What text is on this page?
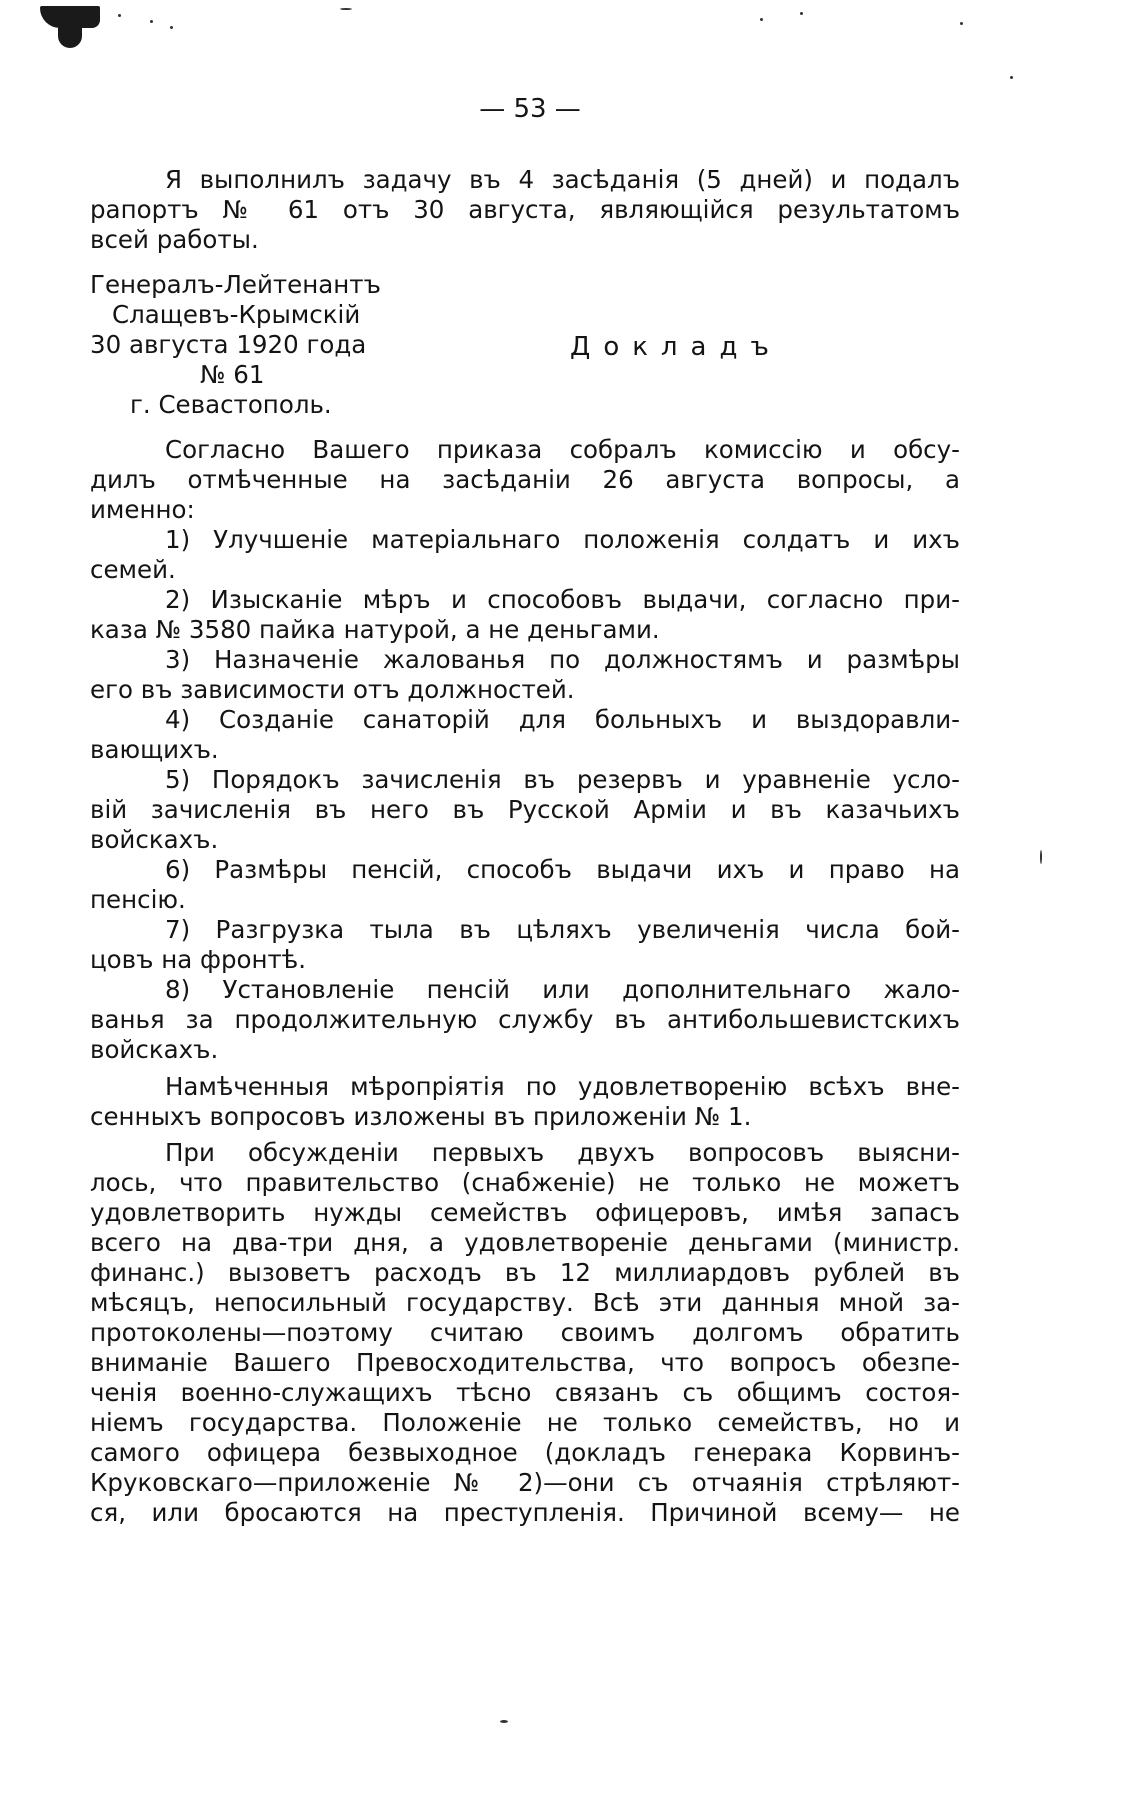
— 53 —
Я выполнилъ задачу въ 4 засѣданія (5 дней) и подалъ
рапортъ № 61 отъ 30 августа, являющійся результатомъ
всей работы.
Генералъ-Лейтенантъ
Слащевъ-Крымскій
30 августа 1920 года
№ 61
г. Севастополь.
Докладъ
Согласно Вашего приказа собралъ комиссію и обсу-
дилъ отмѣченные на засѣданіи 26 августа вопросы, а
именно:
1) Улучшеніе матеріальнаго положенія солдатъ и ихъ
семей.
2) Изысканіе мѣръ и способовъ выдачи, согласно при-
каза № 3580 пайка натурой, а не деньгами.
3) Назначеніе жалованья по должностямъ и размѣры
его въ зависимости отъ должностей.
4) Созданіе санаторій для больныхъ и выздоравли-
вающихъ.
5) Порядокъ зачисленія въ резервъ и уравненіе усло-
вій зачисленія въ него въ Русской Арміи и въ казачьихъ
войскахъ.
6) Размѣры пенсій, способъ выдачи ихъ и право на
пенсію.
7) Разгрузка тыла въ цѣляхъ увеличенія числа бой-
цовъ на фронтѣ.
8) Установленіе пенсій или дополнительнаго жало-
ванья за продолжительную службу въ антибольшевистскихъ
войскахъ.
Намѣченныя мѣропріятія по удовлетворенію всѣхъ вне-
сенныхъ вопросовъ изложены въ приложеніи № 1.
При обсужденіи первыхъ двухъ вопросовъ выясни-
лось, что правительство (снабженіе) не только не можетъ
удовлетворить нужды семействъ офицеровъ, имѣя запасъ
всего на два-три дня, а удовлетвореніе деньгами (министр.
финанс.) вызоветъ расходъ въ 12 миллиардовъ рублей въ
мѣсяцъ, непосильный государству. Всѣ эти данныя мной за-
протоколены—поэтому считаю своимъ долгомъ обратить
вниманіе Вашего Превосходительства, что вопросъ обезпе-
ченія военно-служащихъ тѣсно связанъ съ общимъ состоя-
ніемъ государства. Положеніе не только семействъ, но и
самого офицера безвыходное (докладъ генерака Корвинъ-
Круковскаго—приложеніе № 2)—они съ отчаянія стрѣляют-
ся, или бросаются на преступленія. Причиной всему— не
